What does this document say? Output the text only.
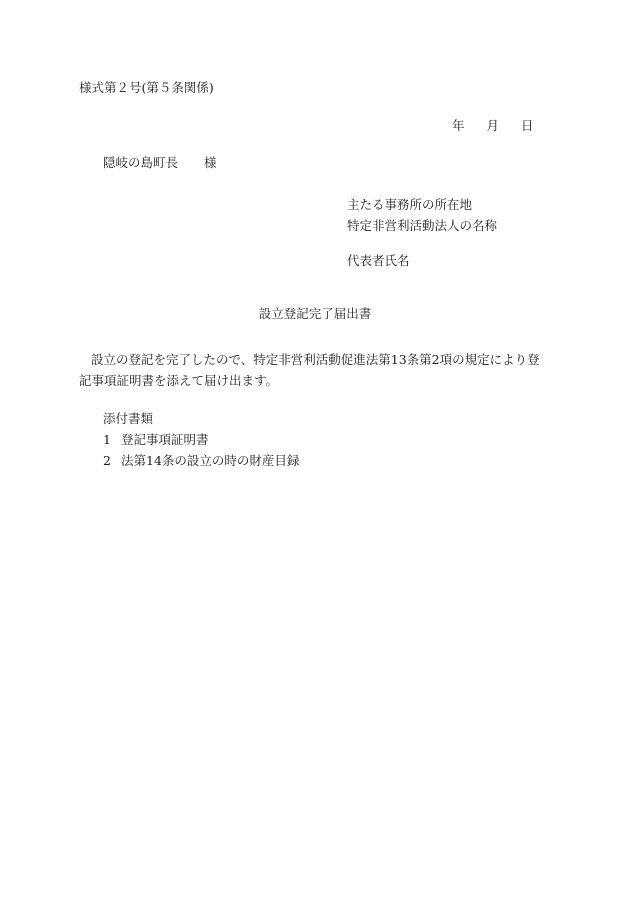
様式第２号(第５条関係)
年 月 日
隠岐の島町長 様
主たる事務所の所在地
特定非営利活動法人の名称
代表者氏名
設立登記完了届出書
設立の登記を完了したので、特定非営利活動促進法第13条第2項の規定により登記事項証明書を添えて届け出ます。
添付書類
1 登記事項証明書
2 法第14条の設立の時の財産目録
